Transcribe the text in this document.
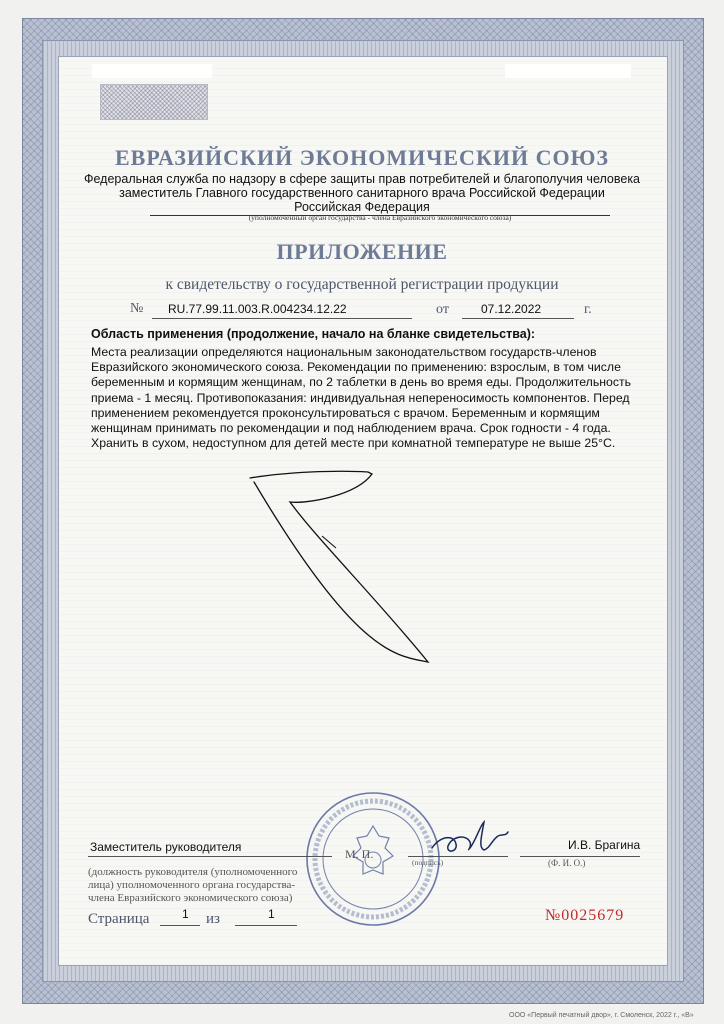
ЕВРАЗИЙСКИЙ ЭКОНОМИЧЕСКИЙ СОЮЗ
Федеральная служба по надзору в сфере защиты прав потребителей и благополучия человека
заместитель Главного государственного санитарного врача Российской Федерации
Российская Федерация
(уполномоченный орган государства - члена Евразийского экономического союза)
ПРИЛОЖЕНИЕ
к свидетельству о государственной регистрации продукции
№ RU.77.99.11.003.R.004234.12.22	от	07.12.2022	г.
Область применения (продолжение, начало на бланке свидетельства):
Места реализации определяются национальным законодательством государств-членов
Евразийского экономического союза. Рекомендации по применению: взрослым, в том числе
беременным и кормящим женщинам, по 2 таблетки в день во время еды. Продолжительность
приема - 1 месяц. Противопоказания: индивидуальная непереносимость компонентов. Перед
применением рекомендуется проконсультироваться с врачом. Беременным и кормящим
женщинам принимать по рекомендации и под наблюдением врача. Срок годности - 4 года.
Хранить в сухом, недоступном для детей месте при комнатной температуре не выше 25°С.
Заместитель руководителя	И.В. Брагина
М. П.
(подпись)	(Ф. И. О.)
(должность руководителя (уполномоченного
лица) уполномоченного органа государства-
члена Евразийского экономического союза)
Страница	1 из	1	№0025679
ООО «Первый печатный двор», г. Смоленск, 2022 г., «В»
